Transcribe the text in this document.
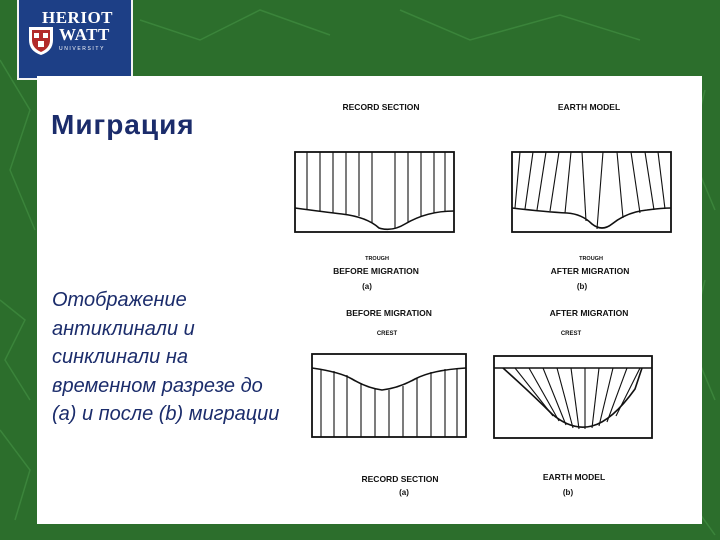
HERIOT
WATT
UNIVERSITY
Миграция
Отображение антиклинали и синклинали на временном разрезе до (а) и после (b) миграции
RECORD SECTION	EARTH MODEL
TROUGH	TROUGH
BEFORE MIGRATION	AFTER MIGRATION
(a)	(b)
BEFORE MIGRATION	AFTER MIGRATION
CREST	CREST
RECORD SECTION	EARTH MODEL
(a)	(b)
